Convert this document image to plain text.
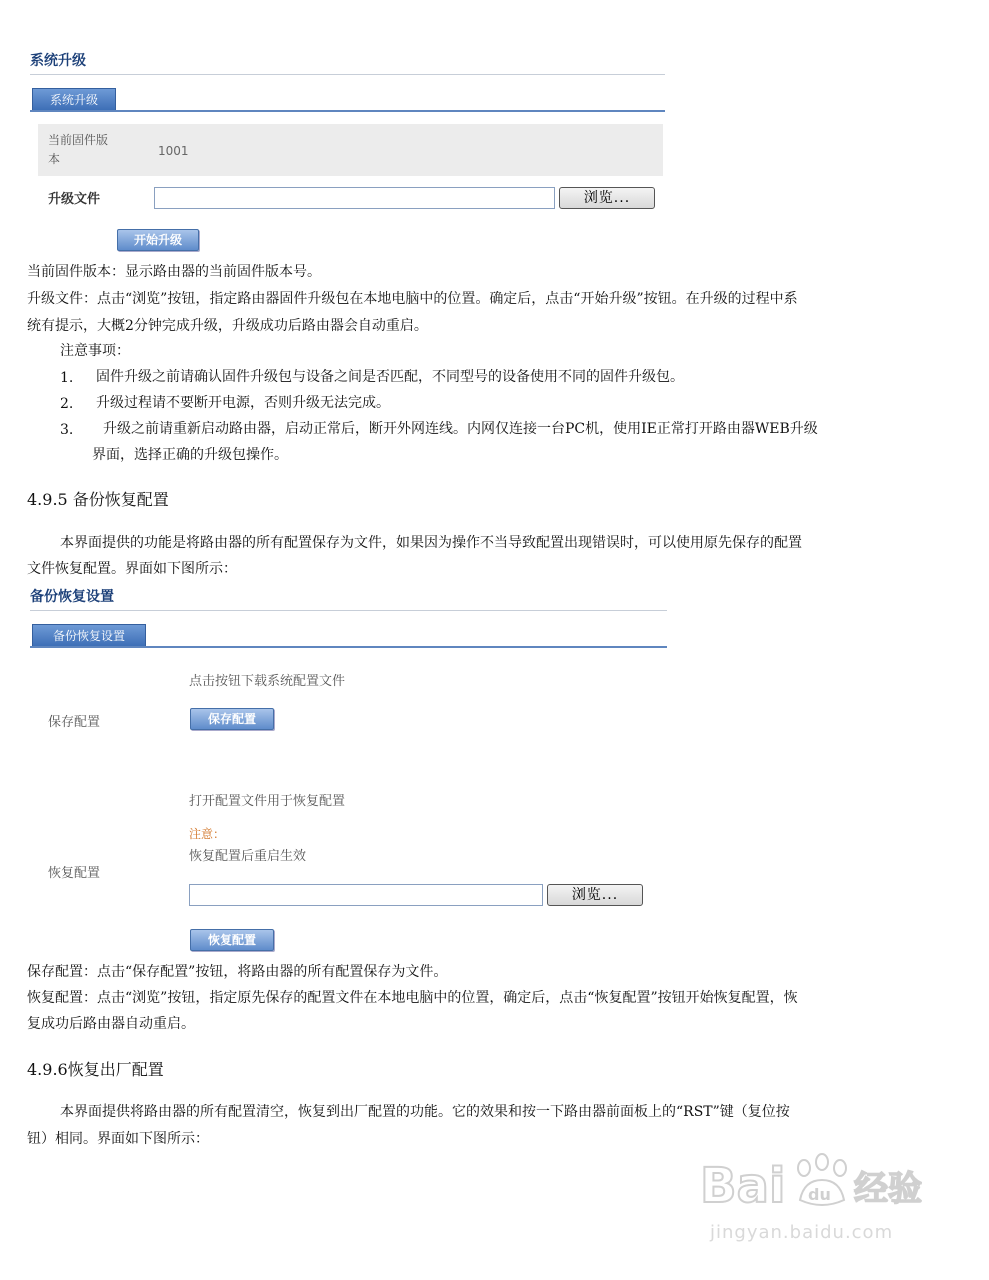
系统升级
系统升级
当前固件版
本
1001
升级文件	浏览...
开始升级
当前固件版本：显示路由器的当前固件版本号。
升级文件：点击“浏览”按钮，指定路由器固件升级包在本地电脑中的位置。确定后，点击“开始升级”按钮。在升级的过程中系
统有提示，大概2分钟完成升级，升级成功后路由器会自动重启。
注意事项：
1. 固件升级之前请确认固件升级包与设备之间是否匹配，不同型号的设备使用不同的固件升级包。
2. 升级过程请不要断开电源，否则升级无法完成。
3. 升级之前请重新启动路由器，启动正常后，断开外网连线。内网仅连接一台PC机，使用IE正常打开路由器WEB升级
界面，选择正确的升级包操作。
4.9.5 备份恢复配置
本界面提供的功能是将路由器的所有配置保存为文件，如果因为操作不当导致配置出现错误时，可以使用原先保存的配置
文件恢复配置。界面如下图所示：
备份恢复设置
备份恢复设置
点击按钮下载系统配置文件
保存配置	保存配置
打开配置文件用于恢复配置
注意：
恢复配置后重启生效
恢复配置
浏览...
恢复配置
保存配置：点击“保存配置”按钮，将路由器的所有配置保存为文件。
恢复配置：点击“浏览”按钮，指定原先保存的配置文件在本地电脑中的位置，确定后，点击“恢复配置”按钮开始恢复配置，恢
复成功后路由器自动重启。
4.9.6恢复出厂配置
本界面提供将路由器的所有配置清空，恢复到出厂配置的功能。它的效果和按一下路由器前面板上的“RST”键（复位按
钮）相同。界面如下图所示：
Bai du 经验
jingyan.baidu.com
